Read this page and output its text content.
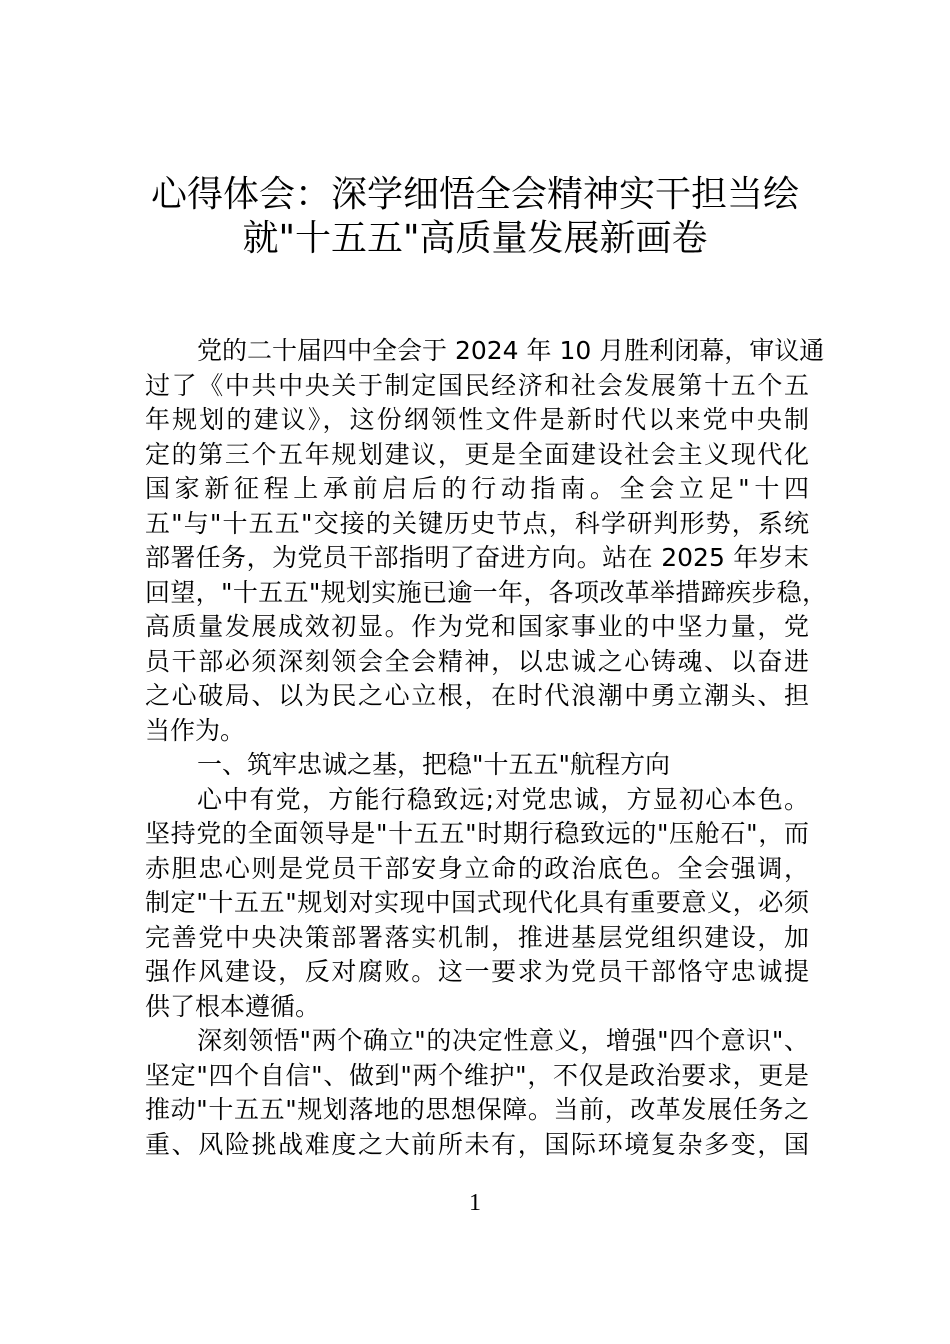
心得体会：深学细悟全会精神实干担当绘
就"十五五"高质量发展新画卷
党的二十届四中全会于 2024 年 10 月胜利闭幕，审议通
过了《中共中央关于制定国民经济和社会发展第十五个五
年规划的建议》，这份纲领性文件是新时代以来党中央制
定的第三个五年规划建议，更是全面建设社会主义现代化
国家新征程上承前启后的行动指南。全会立足"十四
五"与"十五五"交接的关键历史节点，科学研判形势，系统
部署任务，为党员干部指明了奋进方向。站在 2025 年岁末
回望，"十五五"规划实施已逾一年，各项改革举措蹄疾步稳，
高质量发展成效初显。作为党和国家事业的中坚力量，党
员干部必须深刻领会全会精神，以忠诚之心铸魂、以奋进
之心破局、以为民之心立根，在时代浪潮中勇立潮头、担
当作为。
一、筑牢忠诚之基，把稳"十五五"航程方向
心中有党，方能行稳致远;对党忠诚，方显初心本色。
坚持党的全面领导是"十五五"时期行稳致远的"压舱石"，而
赤胆忠心则是党员干部安身立命的政治底色。全会强调，
制定"十五五"规划对实现中国式现代化具有重要意义，必须
完善党中央决策部署落实机制，推进基层党组织建设，加
强作风建设，反对腐败。这一要求为党员干部恪守忠诚提
供了根本遵循。
深刻领悟"两个确立"的决定性意义，增强"四个意识"、
坚定"四个自信"、做到"两个维护"，不仅是政治要求，更是
推动"十五五"规划落地的思想保障。当前，改革发展任务之
重、风险挑战难度之大前所未有，国际环境复杂多变，国
1
